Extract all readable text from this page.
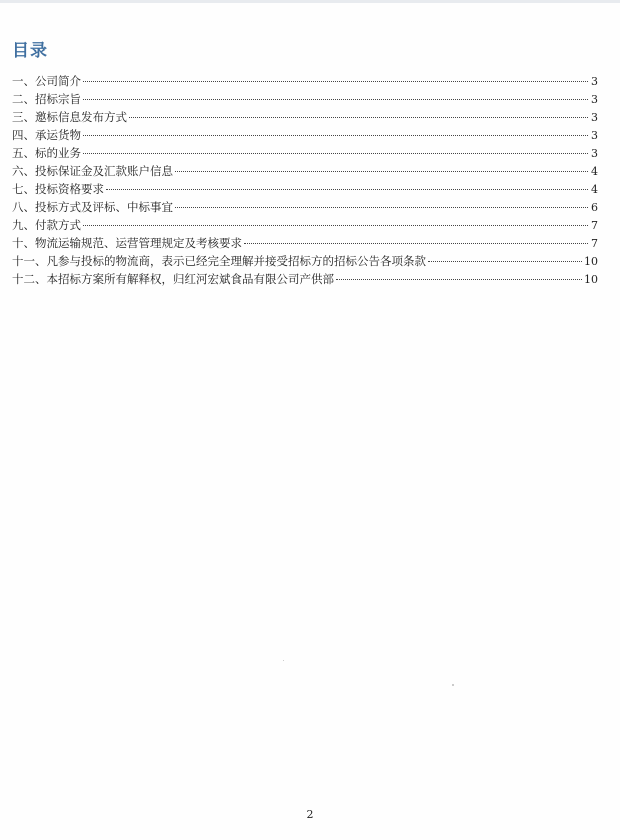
目录
一、公司简介	3
二、招标宗旨	3
三、邀标信息发布方式	3
四、承运货物	3
五、标的业务	3
六、投标保证金及汇款账户信息	4
七、投标资格要求	4
八、投标方式及评标、中标事宜	6
九、付款方式	7
十、物流运输规范、运营管理规定及考核要求	7
十一、凡参与投标的物流商，表示已经完全理解并接受招标方的招标公告各项条款	10
十二、本招标方案所有解释权，归红河宏斌食品有限公司产供部	10
2
